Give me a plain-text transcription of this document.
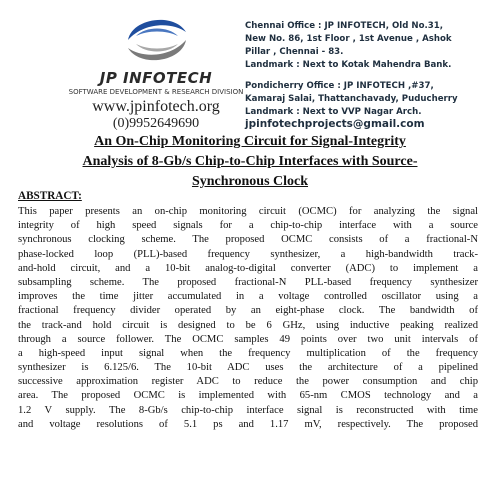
JP INFOTECH
SOFTWARE DEVELOPMENT & RESEARCH DIVISION
www.jpinfotech.org
(0)9952649690
Chennai Office : JP INFOTECH, Old No.31,
New No. 86, 1st Floor , 1st Avenue , Ashok
Pillar , Chennai - 83.
Landmark : Next to Kotak Mahendra Bank.
Pondicherry Office : JP INFOTECH ,#37,
Kamaraj Salai, Thattanchavady, Puducherry
Landmark : Next to VVP Nagar Arch.
jpinfotechprojects@gmail.com
An On-Chip Monitoring Circuit for Signal-Integrity
Analysis of 8-Gb/s Chip-to-Chip Interfaces with Source-
Synchronous Clock
ABSTRACT:
This paper presents an on-chip monitoring circuit (OCMC) for analyzing the signal
integrity of high speed signals for a chip-to-chip interface with a source
synchronous clocking scheme. The proposed OCMC consists of a fractional-N
phase-locked loop (PLL)-based frequency synthesizer, a high-bandwidth track-
and-hold circuit, and a 10-bit analog-to-digital converter (ADC) to implement a
subsampling scheme. The proposed fractional-N PLL-based frequency synthesizer
improves the time jitter accumulated in a voltage controlled oscillator using a
fractional frequency divider operated by an eight-phase clock. The bandwidth of
the track-and hold circuit is designed to be 6 GHz, using inductive peaking realized
through a source follower. The OCMC samples 49 points over two unit intervals of
a high-speed input signal when the frequency multiplication of the frequency
synthesizer is 6.125/6. The 10-bit ADC uses the architecture of a pipelined
successive approximation register ADC to reduce the power consumption and chip
area. The proposed OCMC is implemented with 65-nm CMOS technology and a
1.2 V supply. The 8-Gb/s chip-to-chip interface signal is reconstructed with time
and voltage resolutions of 5.1 ps and 1.17 mV, respectively. The proposed
